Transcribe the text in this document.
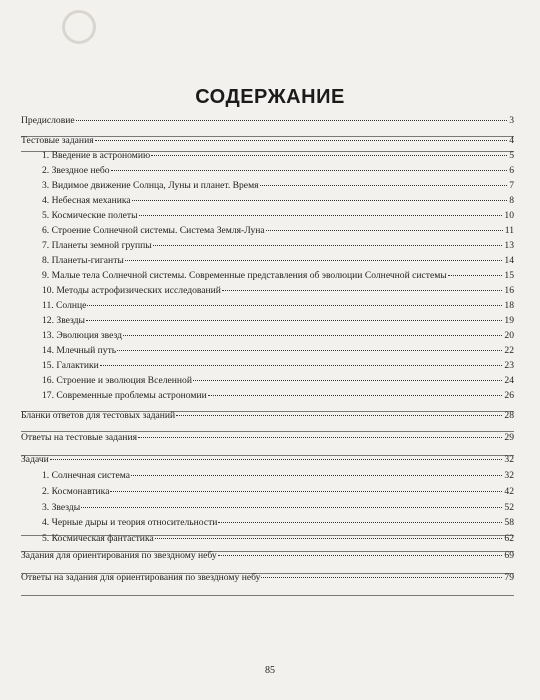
СОДЕРЖАНИЕ
Предисловие	3
Тестовые задания	4
1. Введение в астрономию	5
2. Звездное небо	6
3. Видимое движение Солнца, Луны и планет. Время	7
4. Небесная механика	8
5. Космические полеты	10
6. Строение Солнечной системы. Система Земля-Луна	11
7. Планеты земной группы	13
8. Планеты-гиганты	14
9. Малые тела Солнечной системы. Современные представления об эволюции Солнечной системы	15
10. Методы астрофизических исследований	16
11. Солнце	18
12. Звезды	19
13. Эволюция звезд	20
14. Млечный путь	22
15. Галактики	23
16. Строение и эволюция Вселенной	24
17. Современные проблемы астрономии	26
Бланки ответов для тестовых заданий	28
Ответы на тестовые задания	29
Задачи	32
1. Солнечная система	32
2. Космонавтика	42
3. Звезды	52
4. Черные дыры и теория относительности	58
5. Космическая фантастика	62
Задания для ориентирования по звездному небу	69
Ответы на задания для ориентирования по звездному небу	79
85
